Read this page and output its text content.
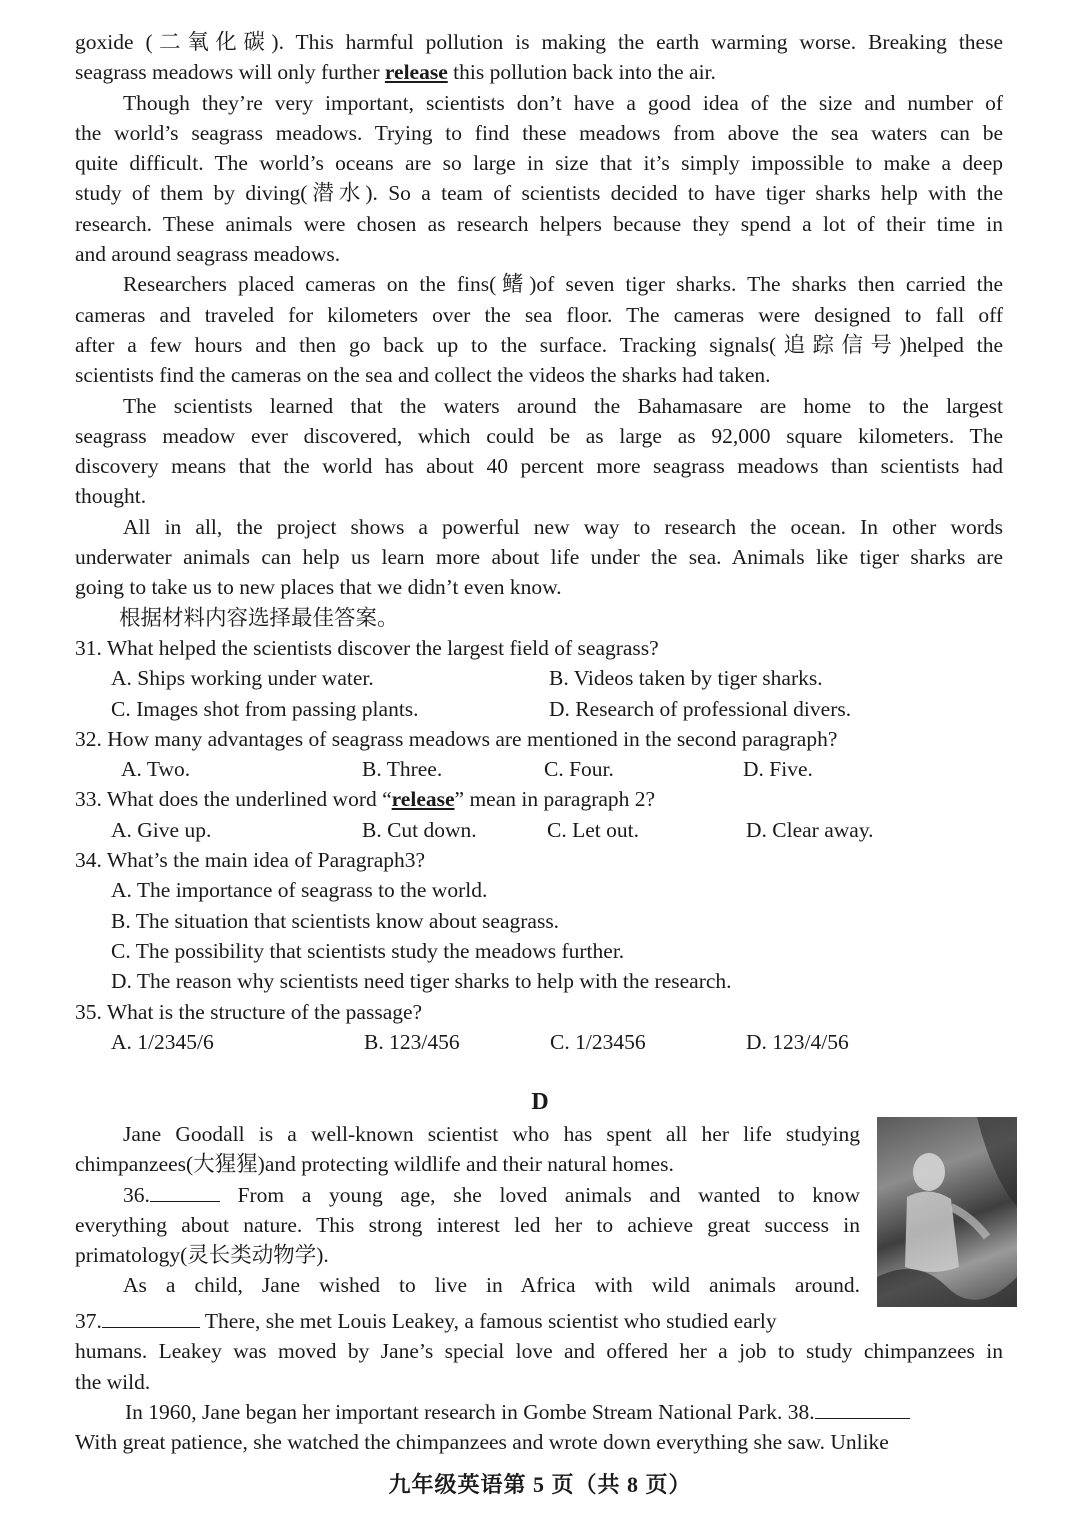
goxide (二氧化碳). This harmful pollution is making the earth warming worse. Breaking these
seagrass meadows will only further release this pollution back into the air.
Though they’re very important, scientists don’t have a good idea of the size and number of
the world’s seagrass meadows. Trying to find these meadows from above the sea waters can be
quite difficult. The world’s oceans are so large in size that it’s simply impossible to make a deep
study of them by diving(潜水). So a team of scientists decided to have tiger sharks help with the
research. These animals were chosen as research helpers because they spend a lot of their time in
and around seagrass meadows.
Researchers placed cameras on the fins(鳍)of seven tiger sharks. The sharks then carried the
cameras and traveled for kilometers over the sea floor. The cameras were designed to fall off
after a few hours and then go back up to the surface. Tracking signals(追踪信号)helped the
scientists find the cameras on the sea and collect the videos the sharks had taken.
The scientists learned that the waters around the Bahamasare are home to the largest
seagrass meadow ever discovered, which could be as large as 92,000 square kilometers. The
discovery means that the world has about 40 percent more seagrass meadows than scientists had
thought.
All in all, the project shows a powerful new way to research the ocean. In other words
underwater animals can help us learn more about life under the sea. Animals like tiger sharks are
going to take us to new places that we didn’t even know.
根据材料内容选择最佳答案。
31. What helped the scientists discover the largest field of seagrass?
A. Ships working under water.	B. Videos taken by tiger sharks.
C. Images shot from passing plants.	D. Research of professional divers.
32. How many advantages of seagrass meadows are mentioned in the second paragraph?
A. Two.	B. Three.	C. Four.	D. Five.
33. What does the underlined word “release” mean in paragraph 2?
A. Give up.	B. Cut down.	C. Let out.	D. Clear away.
34. What’s the main idea of Paragraph3?
A. The importance of seagrass to the world.
B. The situation that scientists know about seagrass.
C. The possibility that scientists study the meadows further.
D. The reason why scientists need tiger sharks to help with the research.
35. What is the structure of the passage?
A. 1/2345/6	B. 123/456	C. 1/23456	D. 123/4/56
D
Jane Goodall is a well-known scientist who has spent all her life studying
chimpanzees(大猩猩)and protecting wildlife and their natural homes.
36.	From a young age, she loved animals and wanted to know
everything about nature. This strong interest led her to achieve great success in
primatology(灵长类动物学).
As a child, Jane wished to live in Africa with wild animals around.
37.	There, she met Louis Leakey, a famous scientist who studied early
humans. Leakey was moved by Jane’s special love and offered her a job to study chimpanzees in
the wild.
In 1960, Jane began her important research in Gombe Stream National Park. 38.
With great patience, she watched the chimpanzees and wrote down everything she saw. Unlike
九年级英语第 5 页（共 8 页）
